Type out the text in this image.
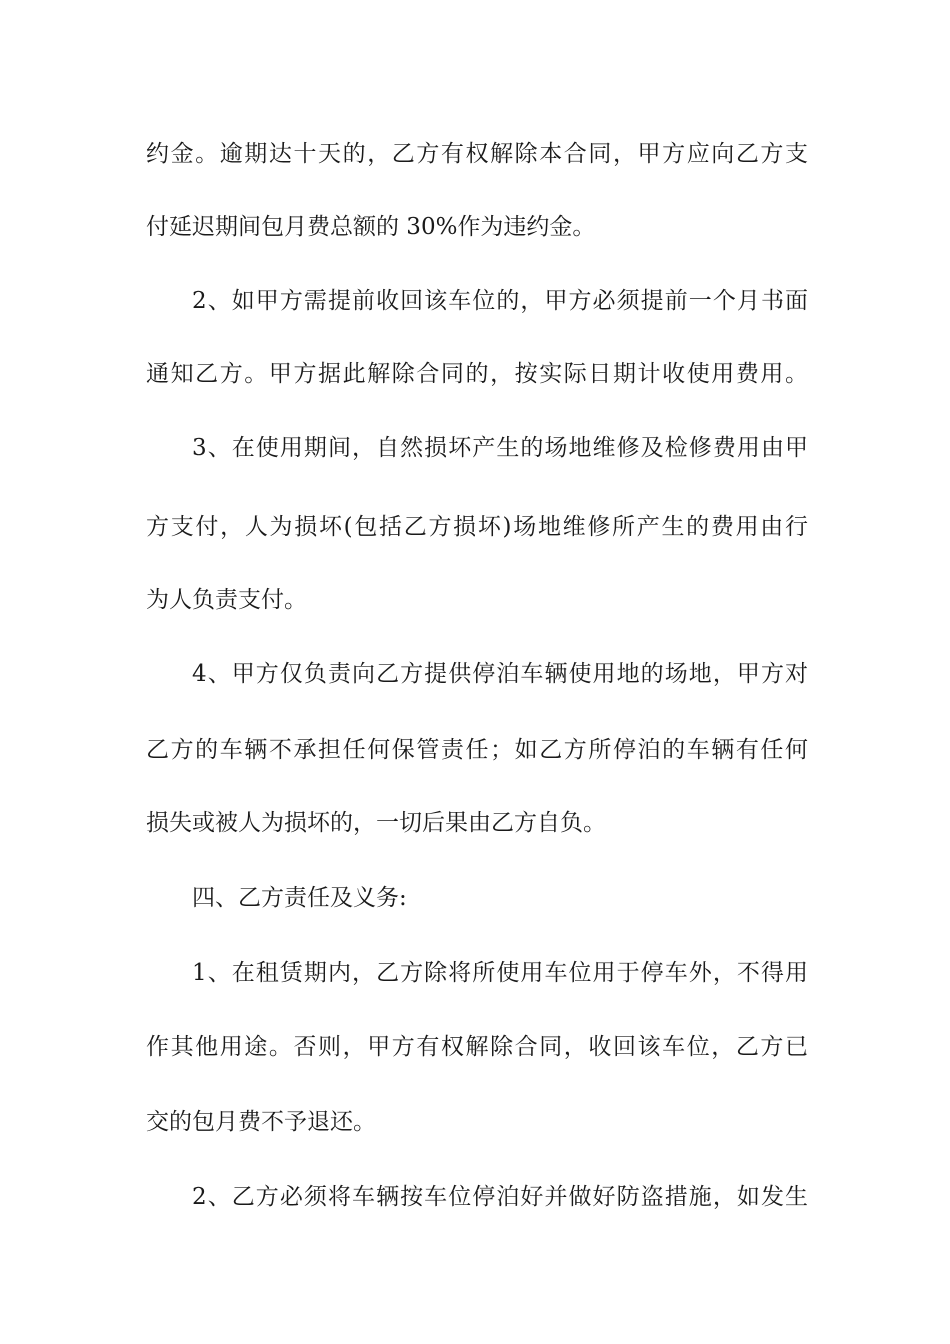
约金。逾期达十天的，乙方有权解除本合同，甲方应向乙方支
付延迟期间包月费总额的 30%作为违约金。
2、如甲方需提前收回该车位的，甲方必须提前一个月书面
通知乙方。甲方据此解除合同的，按实际日期计收使用费用。
3、在使用期间，自然损坏产生的场地维修及检修费用由甲
方支付，人为损坏(包括乙方损坏)场地维修所产生的费用由行
为人负责支付。
4、甲方仅负责向乙方提供停泊车辆使用地的场地，甲方对
乙方的车辆不承担任何保管责任；如乙方所停泊的车辆有任何
损失或被人为损坏的，一切后果由乙方自负。
四、乙方责任及义务:
1、在租赁期内，乙方除将所使用车位用于停车外，不得用
作其他用途。否则，甲方有权解除合同，收回该车位，乙方已
交的包月费不予退还。
2、乙方必须将车辆按车位停泊好并做好防盗措施，如发生
